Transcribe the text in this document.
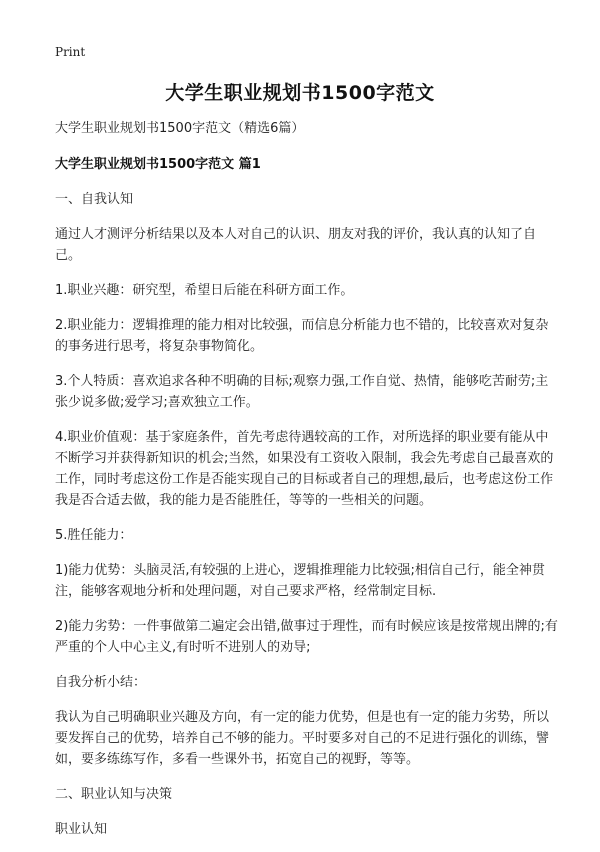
Print
大学生职业规划书1500字范文

大学生职业规划书1500字范文（精选6篇）

大学生职业规划书1500字范文 篇1

一、自我认知

通过人才测评分析结果以及本人对自己的认识、朋友对我的评价，我认真的认知了自己。

1.职业兴趣：研究型，希望日后能在科研方面工作。

2.职业能力：逻辑推理的能力相对比较强，而信息分析能力也不错的，比较喜欢对复杂的事务进行思考，将复杂事物简化。

3.个人特质：喜欢追求各种不明确的目标;观察力强,工作自觉、热情，能够吃苦耐劳;主张少说多做;爱学习;喜欢独立工作。

4.职业价值观：基于家庭条件，首先考虑待遇较高的工作，对所选择的职业要有能从中不断学习并获得新知识的机会;当然，如果没有工资收入限制，我会先考虑自己最喜欢的工作，同时考虑这份工作是否能实现自己的目标或者自己的理想,最后，也考虑这份工作我是否合适去做，我的能力是否能胜任，等等的一些相关的问题。

5.胜任能力：

1)能力优势：头脑灵活,有较强的上进心，逻辑推理能力比较强;相信自己行，能全神贯注，能够客观地分析和处理问题，对自己要求严格，经常制定目标.

2)能力劣势：一件事做第二遍定会出错,做事过于理性，而有时候应该是按常规出牌的;有严重的个人中心主义,有时听不进别人的劝导;

自我分析小结：

我认为自己明确职业兴趣及方向，有一定的能力优势，但是也有一定的能力劣势，所以要发挥自己的优势，培养自己不够的能力。平时要多对自己的不足进行强化的训练，譬如，要多练练写作，多看一些课外书，拓宽自己的视野，等等。

二、职业认知与决策

职业认知
